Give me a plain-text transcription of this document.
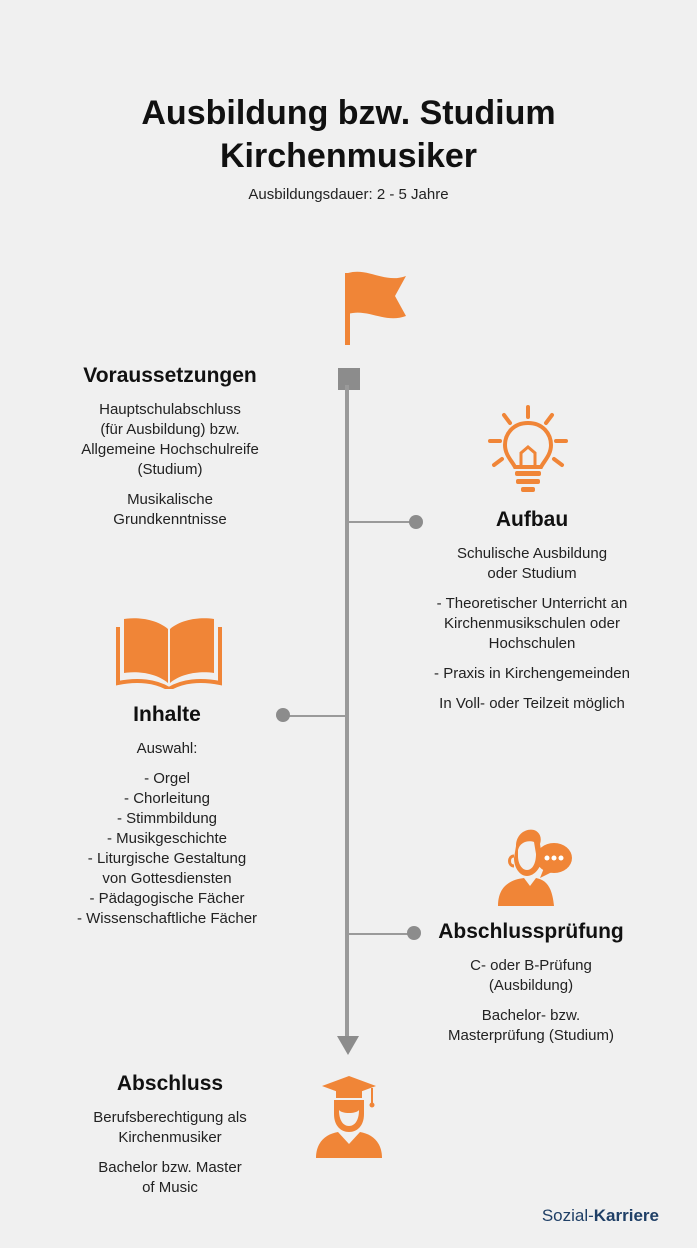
Ausbildung bzw. Studium
Kirchenmusiker
Ausbildungsdauer: 2 - 5 Jahre
Voraussetzungen

Hauptschulabschluss
(für Ausbildung) bzw.
Allgemeine Hochschulreife
(Studium)

Musikalische
Grundkenntnisse	Aufbau

Schulische Ausbildung
oder Studium

- Theoretischer Unterricht an
Kirchenmusikschulen oder
Hochschulen

- Praxis in Kirchengemeinden

In Voll- oder Teilzeit möglich

Inhalte

Auswahl:

- Orgel
- Chorleitung
- Stimmbildung
- Musikgeschichte
- Liturgische Gestaltung
von Gottesdiensten
- Pädagogische Fächer
- Wissenschaftliche Fächer
Abschlussprüfung

C- oder B-Prüfung
(Ausbildung)

Bachelor- bzw.
Masterprüfung (Studium)

Abschluss

Berufsberechtigung als
Kirchenmusiker

Bachelor bzw. Master
of Music

Sozial-Karriere
